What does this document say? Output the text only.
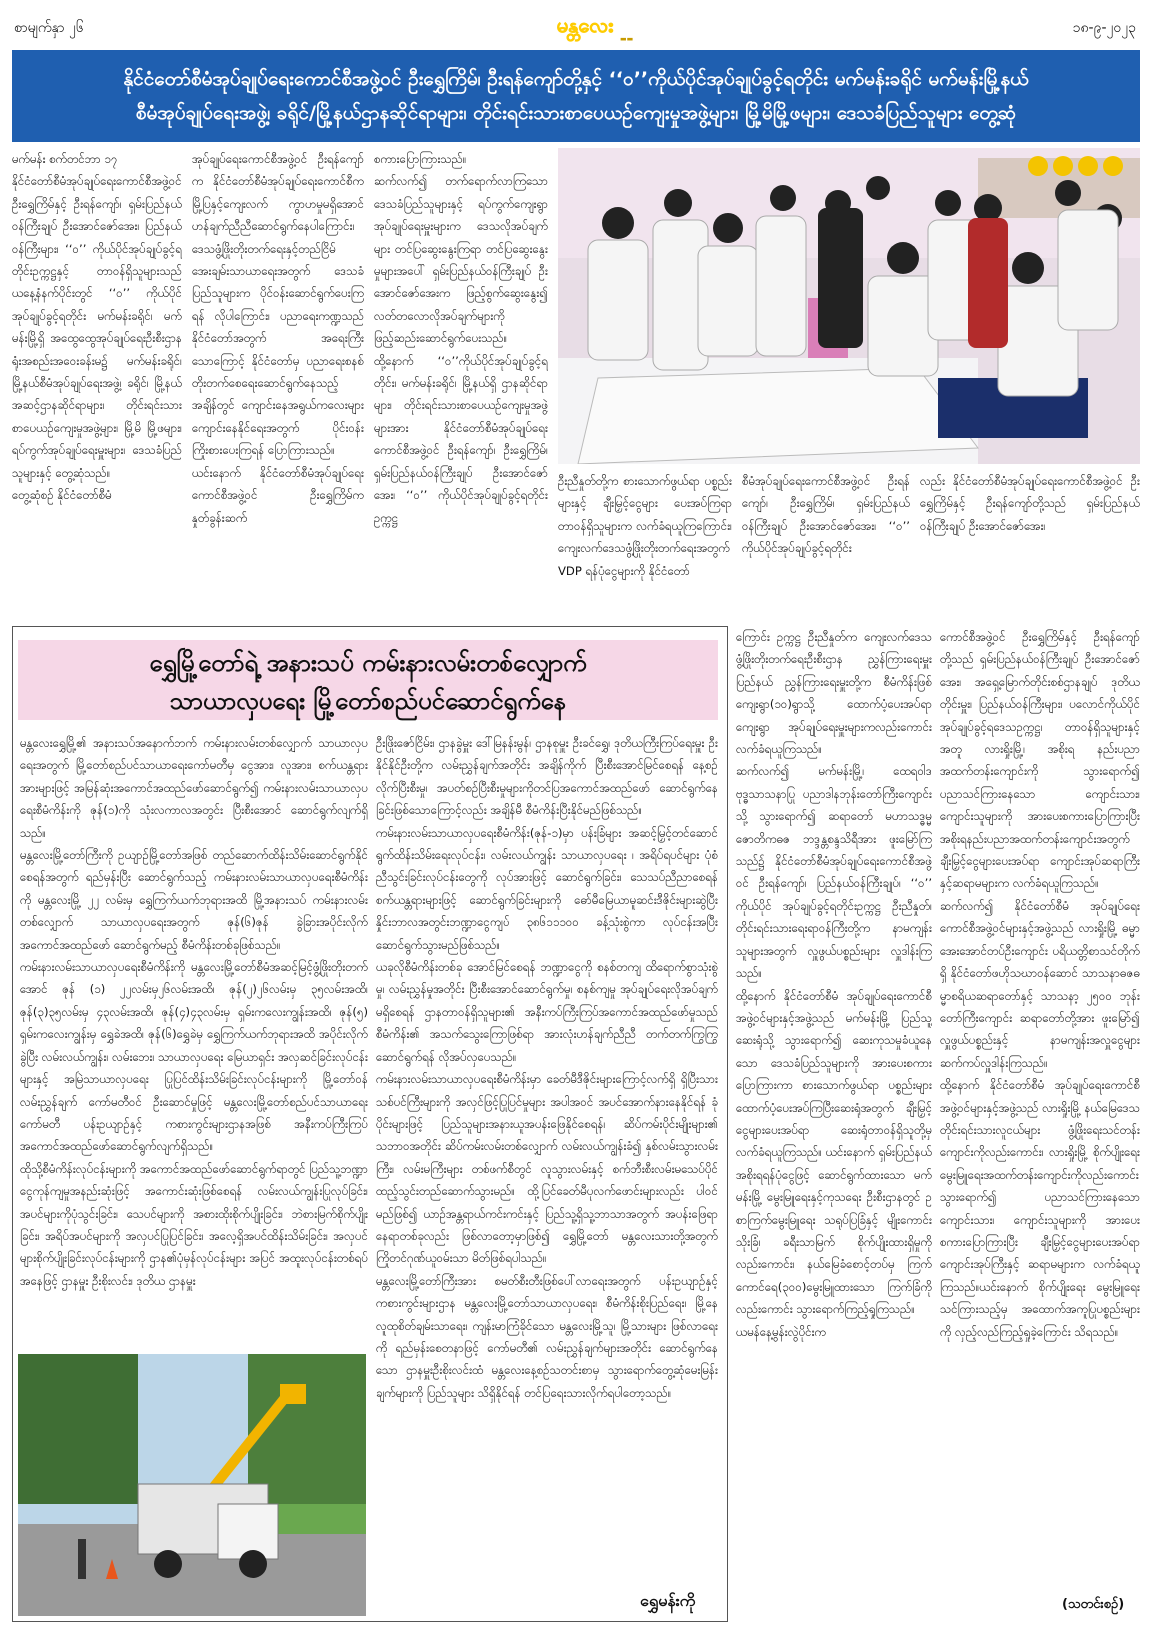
စာမျက်နှာ ၂၆	မန္တလေး
▬▬
၁၈-၉-၂၀၂၃
နိုင်ငံတော်စီမံအုပ်ချုပ်ရေးကောင်စီအဖွဲ့ဝင် ဦးရွှေကြိမ်၊ ဦးရန်ကျော်တို့နှင့် ‘‘ဝ’’ကိုယ်ပိုင်အုပ်ချုပ်ခွင့်ရတိုင်း မက်မန်းခရိုင် မက်မန်းမြို့နယ်
စီမံအုပ်ချုပ်ရေးအဖွဲ့၊ ခရိုင်/မြို့နယ်ဌာနဆိုင်ရာများ၊ တိုင်းရင်းသားစာပေယဉ်ကျေးမှုအဖွဲ့များ၊ မြို့မိမြို့ဖများ၊ ဒေသခံပြည်သူများ တွေ့ဆုံ
မက်မန်း စက်တင်ဘာ ၁၇
နိုင်ငံတော်စီမံအုပ်ချုပ်ရေးကောင်စီအဖွဲ့ဝင် ဦးရွှေကြိမ်နှင့် ဦးရန်ကျော်၊ ရှမ်းပြည်နယ်ဝန်ကြီးချုပ် ဦးအောင်ဇော်အေး၊ ပြည်နယ်ဝန်ကြီးများ၊ ‘‘ဝ’’ ကိုယ်ပိုင်အုပ်ချုပ်ခွင့်ရတိုင်းဥက္ကဋ္ဌနှင့် တာဝန်ရှိသူများသည် ယနေ့နံနက်ပိုင်းတွင် ‘‘ဝ’’ ကိုယ်ပိုင်အုပ်ချုပ်ခွင့်ရတိုင်း မက်မန်းခရိုင်၊ မက်မန်းမြို့ရှိ အထွေထွေအုပ်ချုပ်ရေးဦးစီးဌာန ရုံးအစည်းအဝေးခန်းမ၌ မက်မန်းခရိုင်၊ မြို့နယ်စီမံအုပ်ချုပ်ရေးအဖွဲ့၊ ခရိုင်၊ မြို့နယ်အဆင့်ဌာနဆိုင်ရာများ၊ တိုင်းရင်းသား စာပေယဉ်ကျေးမှုအဖွဲ့များ၊ မြို့မိ မြို့ဖများ၊ ရပ်ကွက်အုပ်ချုပ်ရေးမှူးများ၊ ဒေသခံပြည်သူများနှင့် တွေ့ဆုံသည်။
တွေ့ဆုံစဉ် နိုင်ငံတော်စီမံ
အုပ်ချုပ်ရေးကောင်စီအဖွဲ့ဝင် ဦးရန်ကျော်က နိုင်ငံတော်စီမံအုပ်ချုပ်ရေးကောင်စီက မြို့ပြနှင့်ကျေးလက် ကွာဟမှုမရှိအောင် ဟန်ချက်ညီညီဆောင်ရွက်နေပါကြောင်း၊ ဒေသဖွံ့ဖြိုးတိုးတက်ရေးနှင့်တည်ငြိမ်အေးချမ်းသာယာရေးအတွက် ဒေသခံ ပြည်သူများက ပိုင်ဝန်းဆောင်ရွက်ပေးကြရန် လိုပါကြောင်း၊ ပညာရေးကဏ္ဍသည် နိုင်ငံတော်အတွက် အရေးကြီးသောကြောင့် နိုင်ငံတော်မှ ပညာရေးစနစ်တိုးတက်စေရေးဆောင်ရွက်နေသည့် အချိန်တွင် ကျောင်းနေအရွယ်ကလေးများ ကျောင်းနေနိုင်ရေးအတွက် ပိုင်းဝန်းကြိုးစားပေးကြရန် ပြောကြားသည်။
ယင်းနောက် နိုင်ငံတော်စီမံအုပ်ချုပ်ရေးကောင်စီအဖွဲ့ဝင် ဦးရွှေကြိမ်က နှုတ်ခွန်းဆက်
စကားပြောကြားသည်။
ဆက်လက်၍ တက်ရောက်လာကြသော ဒေသခံပြည်သူများနှင့် ရပ်ကွက်ကျေးရွာအုပ်ချုပ်ရေးမှူးများက ဒေသလိုအပ်ချက်များ တင်ပြဆွေးနွေးကြရာ တင်ပြဆွေးနွေးမှုများအပေါ် ရှမ်းပြည်နယ်ဝန်ကြီးချုပ် ဦးအောင်ဇော်အေးက ဖြည့်စွက်ဆွေးနွေး၍ လတ်တလောလိုအပ်ချက်များကို ဖြည့်ဆည်းဆောင်ရွက်ပေးသည်။
ထို့နောက် ‘‘ဝ’’ကိုယ်ပိုင်အုပ်ချုပ်ခွင့်ရတိုင်း၊ မက်မန်းခရိုင်၊ မြို့နယ်ရှိ ဌာနဆိုင်ရာများ၊ တိုင်းရင်းသားစာပေယဉ်ကျေးမှုအဖွဲ့များအား နိုင်ငံတော်စီမံအုပ်ချုပ်ရေးကောင်စီအဖွဲ့ဝင် ဦးရန်ကျော်၊ ဦးရွှေကြိမ်၊ ရှမ်းပြည်နယ်ဝန်ကြီးချုပ် ဦးအောင်ဇော်အေး၊ ‘‘ဝ’’ ကိုယ်ပိုင်အုပ်ချုပ်ခွင့်ရတိုင်းဥက္ကဋ္ဌ
ဦးညီနှုတ်တို့က စားသောက်ဖွယ်ရာ ပစ္စည်းများနှင့် ချီးမြှင့်ငွေများ ပေးအပ်ကြရာ တာဝန်ရှိသူများက လက်ခံရယူကြကြောင်း၊ ကျေးလက်ဒေသဖွံ့ဖြိုးတိုးတက်ရေးအတွက် VDP ရန်ပုံငွေများကို နိုင်ငံတော်
စီမံအုပ်ချုပ်ရေးကောင်စီအဖွဲ့ဝင် ဦးရန်ကျော်၊ ဦးရွှေကြိမ်၊ ရှမ်းပြည်နယ်ဝန်ကြီးချုပ် ဦးအောင်ဇော်အေး၊ ‘‘ဝ’’ ကိုယ်ပိုင်အုပ်ချုပ်ခွင့်ရတိုင်း
လည်း နိုင်ငံတော်စီမံအုပ်ချုပ်ရေးကောင်စီအဖွဲ့ဝင် ဦးရွှေကြိမ်နှင့် ဦးရန်ကျော်တို့သည် ရှမ်းပြည်နယ်ဝန်ကြီးချုပ် ဦးအောင်ဇော်အေး၊
ကြောင်း ဥက္ကဋ္ဌ ဦးညီနှုတ်က ကျေးလက်ဒေသ ဖွံ့ဖြိုးတိုးတက်ရေးဦးစီးဌာန ညွှန်ကြားရေးမှူး ပြည်နယ် ညွှန်ကြားရေးမှူးတို့က စီမံကိန်းဖြစ် ကျေးရွာ(၁၀)ရွာသို့ ထောက်ပံ့ပေးအပ်ရာ ကျေးရွာ အုပ်ချုပ်ရေးမှူးများကလည်းကောင်း လက်ခံရယူကြသည်။
ဆက်လက်၍ မက်မန်းမြို့၊ ထေရဝါဒ ဗုဒ္ဓသာသနာပြု ပညာဒါနဘုန်းတော်ကြီးကျောင်းသို့ သွားရောက်၍ ဆရာတော် မဟာသဒ္ဓမ္မဇောတိကဓဇ ဘဒ္ဒန္တစန္ဒသိရီအား ဖူးမြော်ကြသည်၌ နိုင်ငံတော်စီမံအုပ်ချုပ်ရေးကောင်စီအဖွဲ့ဝင် ဦးရန်ကျော်၊ ပြည်နယ်ဝန်ကြီးချုပ်၊ ‘‘ဝ’’ ကိုယ်ပိုင် အုပ်ချုပ်ခွင့်ရတိုင်းဥက္ကဋ္ဌ ဦးညီနှုတ်၊ တိုင်းရင်းသားရေးရာဝန်ကြီးတို့က နာမကျန်းသူများအတွက် လှူဖွယ်ပစ္စည်းများ လှူဒါန်းကြသည်။
ထို့နောက် နိုင်ငံတော်စီမံ အုပ်ချုပ်ရေးကောင်စီအဖွဲ့ဝင်များနှင့်အဖွဲ့သည် မက်မန်းမြို့ ပြည်သူ့ဆေးရုံသို့ သွားရောက်၍ ဆေးကုသမှုခံယူနေသော ဒေသခံပြည်သူများကို အားပေးစကား ပြောကြားကာ စားသောက်ဖွယ်ရာ ပစ္စည်းများ ထောက်ပံ့ပေးအပ်ကြပြီးဆေးရုံအတွက် ချီးမြှင့်ငွေများပေးအပ်ရာ ဆေးရုံတာဝန်ရှိသူတို့မှ လက်ခံရယူကြသည်။ ယင်းနောက် ရှမ်းပြည်နယ် အစိုးရရန်ပုံငွေဖြင့် ဆောင်ရွက်ထားသော မက်မန်းမြို့ မွေးမြူရေးနှင့်ကုသရေး ဦးစီးဌာနတွင် ဥစာကြက်မွေးမြူရေး သရုပ်ပြခြံနှင့် မျိုးကောင်းသိုးခြံ၊ ခရီးသာမြက် စိုက်ပျိုးထားရှိမှုကိုလည်းကောင်း၊ နယ်မြေခံစောင့်တပ်မှ ကြက်ကောင်ရေ(၃၀၀)မွေးမြူထားသော ကြက်ခြံကိုလည်းကောင်း သွားရောက်ကြည့်ရှုကြသည်။
ယမန်နေ့မွန်းလွဲပိုင်းက
ကောင်စီအဖွဲ့ဝင် ဦးရွှေကြိမ်နှင့် ဦးရန်ကျော်တို့သည် ရှမ်းပြည်နယ်ဝန်ကြီးချုပ် ဦးအောင်ဇော်အေး၊ အရှေ့မြောက်တိုင်းစစ်ဌာနချုပ် ဒုတိယတိုင်းမှူး၊ ပြည်နယ်ဝန်ကြီးများ၊ ပလောင်ကိုယ်ပိုင်အုပ်ချုပ်ခွင့်ရဒေသဥက္ကဋ္ဌ၊ တာဝန်ရှိသူများနှင့်အတူ လားရှိုးမြို့၊ အစိုးရ နည်းပညာအထက်တန်းကျောင်းကို သွားရောက်၍ ပညာသင်ကြားနေသော ကျောင်းသား၊ ကျောင်းသူများကို အားပေးစကားပြောကြားပြီး အစိုးရနည်းပညာအထက်တန်းကျောင်းအတွက် ချီးမြှင့်ငွေများပေးအပ်ရာ ကျောင်းအုပ်ဆရာကြီးနှင့်ဆရာမများက လက်ခံရယူကြသည်။
ဆက်လက်၍ နိုင်ငံတော်စီမံ အုပ်ချုပ်ရေးကောင်စီအဖွဲ့ဝင်များနှင့်အဖွဲ့သည် လားရှိုးမြို့ ဓမ္မာအေးအောင်တပ်ဦးကျောင်း ပရိယတ္တိစာသင်တိုက်ရှိ နိုင်ငံတော်ဖဟိုသဃာဝန်ဆောင် သာသနာဓဇဓမ္မာစရိယဆရာတော်နှင့် သာသနာ့ ၂၅၀၀ ဘုန်းတော်ကြီးကျောင်း ဆရာတော်တို့အား ဖူးမြော်၍ လှူဖွယ်ပစ္စည်းနှင့် နာမကျန်းအလှူငွေများ ဆက်ကပ်လှူဒါန်းကြသည်။
ထို့နောက် နိုင်ငံတော်စီမံ အုပ်ချုပ်ရေးကောင်စီအဖွဲ့ဝင်များနှင့်အဖွဲ့သည် လားရှိုးမြို့ နယ်မြေဒေသ တိုင်းရင်းသားလူငယ်များ ဖွံ့ဖြိုးရေးသင်တန်းကျောင်းကိုလည်းကောင်း၊ လားရှိုးမြို့ စိုက်ပျိုးရေး မွေးမြူရေးအထက်တန်းကျောင်းကိုလည်းကောင်း သွားရောက်၍ ပညာသင်ကြားနေသောကျောင်းသား၊ ကျောင်းသူများကို အားပေးစကားပြောကြားပြီး ချီးမြှင့်ငွေများပေးအပ်ရာ ကျောင်းအုပ်ကြီးနှင့် ဆရာမများက လက်ခံရယူကြသည်။ယင်းနောက် စိုက်ပျိုးရေး မွေးမြူရေး သင်ကြားသည့်မှ အထောက်အကူပြုပစ္စည်းများကို လှည့်လည်ကြည့်ရှုခဲ့ကြောင်း သိရသည်။
(သတင်းစဉ်)
ရွှေမြို့တော်ရဲ့ အနားသပ် ကမ်းနားလမ်းတစ်လျှောက်
သာယာလှပရေး မြို့တော်စည်ပင်ဆောင်ရွက်နေ
မန္တလေးရွှေမြို့၏ အနားသပ်အနောက်ဘက် ကမ်းနားလမ်းတစ်လျှောက် သာယာလှပရေးအတွက် မြို့တော်စည်ပင်သာယာရေးကော်မတီမှ ငွေအား၊ လူအား၊ စက်ယန္တရားအားများဖြင့် အမြန်ဆုံးအကောင်အထည်ဖော်ဆောင်ရွက်၍ ကမ်းနားလမ်းသာယာလှပရေးစီမံကိန်းကို ဇုန်(၁)ကို သုံးလကာလအတွင်း ပြီးစီးအောင် ဆောင်ရွက်လျက်ရှိသည်။
မန္တလေးမြို့တော်ကြီးကို ဥယျာဉ်မြို့တော်အဖြစ် တည်ဆောက်ထိန်းသိမ်းဆောင်ရွက်နိုင်စေရန်အတွက် ရည်မှန်းပြီး ဆောင်ရွက်သည့် ကမ်းနားလမ်းသာယာလှပရေးစီမံကိန်းကို မန္တလေးမြို့ ၂၂ လမ်းမှ ရွှေကြက်ယက်ဘုရားအထိ မြို့အနားသပ် ကမ်းနားလမ်းတစ်လျှောက် သာယာလှပရေးအတွက် ဇုန်(၆)ဇုန် ခွဲခြားအပိုင်းလိုက် အကောင်အထည်ဖော် ဆောင်ရွက်မည့် စီမံကိန်းတစ်ခုဖြစ်သည်။
ကမ်းနားလမ်းသာယာလှပရေးစီမံကိန်းကို မန္တလေးမြို့တော်စီမံအဆင့်မြင့်ဖွံ့ဖြိုးတိုးတက်အောင် ဇုန် (၁) ၂၂လမ်းမှ၂၆လမ်းအထိ၊ ဇုန်(၂)၂၆လမ်းမှ ၃၅လမ်းအထိ၊ ဇုန်(၃)၃၅လမ်းမှ ၄၃လမ်းအထိ၊ ဇုန်(၄)၄၃လမ်းမှ ရှမ်းကလေးကျွန်းအထိ၊ ဇုန်(၅) ရှမ်းကလေးကျွန်းမှ ရွှေခဲအထိ၊ ဇုန်(၆)ရွှေခဲမှ ရွှေကြက်ယက်ဘုရားအထိ အပိုင်းလိုက်ခွဲပြီး လမ်းလယ်ကျွန်း၊ လမ်းဘေး၊ သာယာလှပရေး မြေယာရှင်း အလှဆင်ခြင်းလုပ်ငန်းများနှင့် အမြဲသာယာလှပရေး ပြုပြင်ထိန်းသိမ်းခြင်းလုပ်ငန်းများကို မြို့တော်ဝန်လမ်းညွှန်ချက် ကော်မတီဝင် ဦးဆောင်မှုဖြင့် မန္တလေးမြို့တော်စည်ပင်သာယာရေးကော်မတီ ပန်းဥယျာဉ်နှင့် ကစားကွင်းများဌာနအဖြစ် အနီးကပ်ကြီးကြပ်အကောင်အထည်ဖော်ဆောင်ရွက်လျက်ရှိသည်။
ထိုသို့စီမံကိန်းလုပ်ငန်းများကို အကောင်အထည်ဖော်ဆောင်ရွက်ရာတွင် ပြည်သူ့ဘဏ္ဍာငွေကုန်ကျမှုအနည်းဆုံးဖြင့် အကောင်းဆုံးဖြစ်စေရန် လမ်းလယ်ကျွန်းပြုလုပ်ခြင်း၊ အပင်များကိုပုံသွင်းခြင်း၊ သေပင်များကို အစားထိုးစိုက်ပျိုးခြင်း၊ ဘဲစားမြက်စိုက်ပျိုးခြင်း၊ အရိပ်အပင်များကို အလှပင်ပြုပြင်ခြင်း၊ အလေ့ရှိအပင်ထိန်းသိမ်းခြင်း၊ အလှပင်များစိုက်ပျိုးခြင်းလုပ်ငန်းများကို ဌာန၏ပုံမှန်လုပ်ငန်းများ အပြင် အထူးလုပ်ငန်းတစ်ရပ်အနေဖြင့် ဌာနမှူး ဦးစိုးလင်း၊ ဒုတိယ ဌာနမှူး
ဦးဖြိုးဇော်ငြိမ်း၊ ဌာနခွဲမှူး ဒေါ်မြနန်းမွန်၊ ဌာနစုမှူး ဦးခင်ရွှေ၊ ဒုတိယကြီးကြပ်ရေးမှူး ဦးနိုင်နိုင်ဦးတို့က လမ်းညွှန်ချက်အတိုင်း အချိန်ကိုက် ပြီးစီးအောင်မြင်စေရန် နေ့စဉ်လိုက်ပြီးစီးမှု၊ အပတ်စဉ်ပြီးစီးမှုများကိုတင်ပြအကောင်အထည်ဖော် ဆောင်ရွက်နေခြင်းဖြစ်သောကြောင့်လည်း အချိန်မီ စီမံကိန်းပြီးနိုင်မည်ဖြစ်သည်။
ကမ်းနားလမ်းသာယာလှပရေးစီမံကိန်း(ဇုန်-၁)မှာ ပန်းခြံများ အဆင့်မြှင့်တင်ဆောင်ရွက်ထိန်းသိမ်းရေးလုပ်ငန်း၊ လမ်းလယ်ကျွန်း သာယာလှပရေး ၊ အရိပ်ရပင်များ ပုံစံညီသွင်းခြင်းလုပ်ငန်းတွေကို လုပ်အားဖြင့် ဆောင်ရွက်ခြင်း၊ သေသပ်ညီညာစေရန် စက်ယန္တရားများဖြင့် ဆောင်ရွက်ခြင်းများကို ဓော်မီမြေယာမူဆင်းဒီဇိုင်းများဆွဲပြီး နှိုင်းဘာလအတွင်းဘဏ္ဍာငွေကျပ် ၃၈၆၁၁၁၀၀ ခန့်သုံးစွဲကာ လုပ်ငန်းအပြီးဆောင်ရွက်သွားမည်ဖြစ်သည်။
ယခုလိုစီမံကိန်းတစ်ခု အောင်မြင်စေရန် ဘဏ္ဍာငွေကို စနစ်တကျ ထိရောက်စွာသုံးစွဲမှု၊ လမ်းညွှန်မှုအတိုင်း ပြီးစီးအောင်ဆောင်ရွက်မှု၊ စနစ်ကျမှု အုပ်ချုပ်ရေးလိုအပ်ချက်မရှိစေရန် ဌာနတာဝန်ရှိသူများ၏ အနီးကပ်ကြီးကြပ်အကောင်အထည်ဖော်မှုသည်စီမံကိန်း၏ အသက်သွေးကြောဖြစ်ရာ အားလုံးဟန်ချက်ညီညီ တက်တက်ကြွကြွ ဆောင်ရွက်ရန် လိုအပ်လှပေသည်။
ကမ်းနားလမ်းသာယာလှပရေးစီမံကိန်းမှာ ခေတ်မီဒီဇိုင်းများကြောင့်လက်ရှိ ရှိပြီးသားသစ်ပင်ကြီးများကို အလှင်ဖြင့်ပြုပြင်မှုများ အပါအဝင် အပင်အောက်နားနေနိုင်ရန် ခုံပိုင်းများဖြင့် ပြည်သူများအနားယူအပန်းဖြေနိုင်စေရန်၊ ဆိပ်ကမ်းပိုင်းမျိုးများ၏ သဘာဝအတိုင်း ဆိပ်ကမ်းလမ်းတစ်လျှောက် လမ်းလယ်ကျွန်းခံ၍ နှစ်လမ်းသွားလမ်းကြီး၊ လမ်းမကြီးများ တစ်ဖက်စီတွင် လူသွားလမ်းနှင့် စက်ဘီးစီးလမ်းမသေပ်ပိုင် ထည့်သွင်းတည်ဆောက်သွားမည်။ ထို့ပြင်ခေတ်မီပုလက်ဖောင်းများလည်း ပါဝင်မည်ဖြစ်၍ ယာဉ်အန္တရာယ်ကင်းကင်းနှင့် ပြည်သူ့ရှိသူ့ဘာသာအတွက် အပန်းဖြေရာနေရာတစ်ခုလည်း ဖြစ်လာတော့မှာဖြစ်၍ ရွှေမြို့တော် မန္တလေးသားတို့အတွက် ကြိုတင်ဂုဏ်ယူဝမ်းသာ မိတ်ဖြစ်ရပါသည်။
မန္တလေးမြို့တော်ကြီးအား စမတ်စီးတီးဖြစ်ပေါ်လာရေးအတွက် ပန်းဥယျာဉ်နှင့် ကစားကွင်းများဌာန မန္တလေးမြို့တော်သာယာလှပရေး၊ စီမံကိန်းစိုးပြည်ရေး၊ မြို့နေလူထုစိတ်ချမ်းသာရေး၊ ကျန်းမာကြံခိုင်သော မန္တလေးမြို့သူ၊ မြို့သားများ ဖြစ်လာရေးကို ရည်မှန်းစေတနာဖြင့် ကော်မတီ၏ လမ်းညွှန်ချက်များအတိုင်း ဆောင်ရွက်နေသော ဌာနမှူးဦးစိုးလင်းထံ မန္တလေးနေ့စဉ်သတင်းစာမှ သွားရောက်တွေ့ဆုံမေးမြန်းချက်များကို ပြည်သူများ သိရှိနိုင်ရန် တင်ပြရေးသားလိုက်ရပါတော့သည်။
ရွှေမန်းကို
